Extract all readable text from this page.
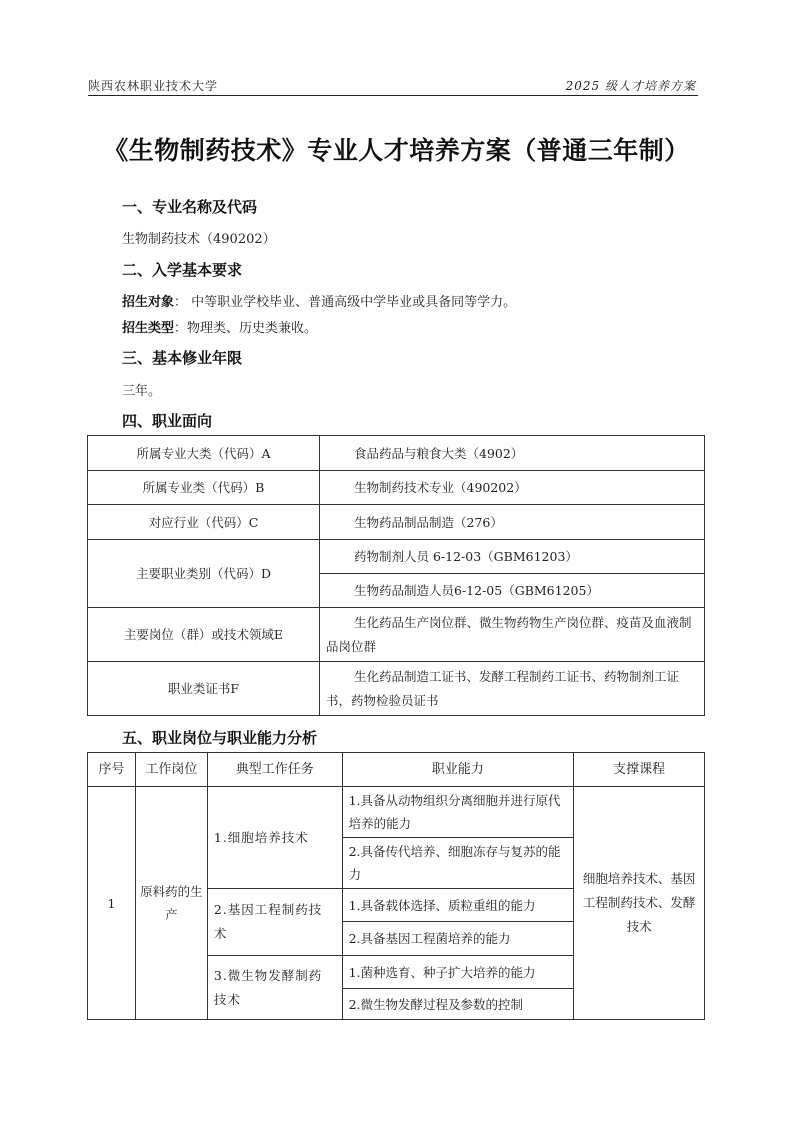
陕西农林职业技术大学	2025 级人才培养方案
《生物制药技术》专业人才培养方案（普通三年制）
一、专业名称及代码
生物制药技术（490202）
二、入学基本要求
招生对象： 中等职业学校毕业、普通高级中学毕业或具备同等学力。
招生类型：物理类、历史类兼收。
三、基本修业年限
三年。
四、职业面向
所属专业大类（代码）A	食品药品与粮食大类（4902）
所属专业类（代码）B	生物制药技术专业（490202）
对应行业（代码）C	生物药品制品制造（276）
主要职业类别（代码）D	药物制剂人员 6-12-03（GBM61203）
	生物药品制造人员6-12-05（GBM61205）
主要岗位（群）或技术领域E	生化药品生产岗位群、微生物药物生产岗位群、疫苗及血液制品岗位群
职业类证书F	生化药品制造工证书、发酵工程制药工证书、药物制剂工证书，药物检验员证书
五、职业岗位与职业能力分析
序号	工作岗位	典型工作任务	职业能力	支撑课程
1	原料药的生产	1.细胞培养技术	1.具备从动物组织分离细胞并进行原代培养的能力	细胞培养技术、基因工程制药技术、发酵技术
			2.具备传代培养、细胞冻存与复苏的能力	
		2.基因工程制药技术	1.具备载体选择、质粒重组的能力	
			2.具备基因工程菌培养的能力	
		3.微生物发酵制药技术	1.菌种选育、种子扩大培养的能力	
			2.微生物发酵过程及参数的控制	
